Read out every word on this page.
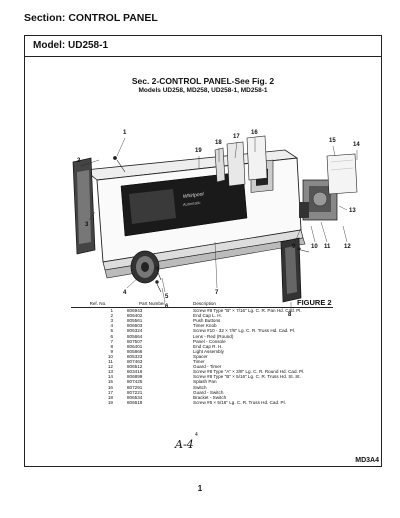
Section: CONTROL PANEL
Model: UD258-1
Sec. 2-CONTROL PANEL-See Fig. 2
Models UD258, MD258, UD258-1, MD258-1
Whirlpool
Automatic
1
2
3
4
5
6
7
8
9	10 11 12
13
14
15
16
17
18
19
FIGURE 2
Ref. No.	Part Number	Description
1	806943	Screw #8 Type "B" × 7/16" Lg. C. R. Pan Hd. Cad. Pl.
2	806402	End Cap L. H.
3	805561	Push Buttons
4	806603	Timer Knob
5	806324	Screw #10 - 32 × 7/8" Lg. C. R. Truss Hd. Cad. Pl.
6	805664	Lens - Red (Round)
7	807507	Panel - Console
8	806401	End Cap R. H.
9	805866	Light Assembly
10	805323	Spacer
11	807463	Timer
12	806512	Guard - Timer
13	803416	Screw #8 Type "A" × 3/8" Lg. C. R. Round Hd. Cad. Pl.
14	806899	Screw #8 Type "B" × 5/16" Lg. C. R. Truss Hd. St. St.
15	807425	Splash Pan
16	807291	Switch
17	807221	Guard - Switch
18	806534	Bracket - Switch
19	806618	Screw #6 × 5/16" Lg. C. R. Truss Hd. Cad. Pl.
4
A-4
MD3A4
1
